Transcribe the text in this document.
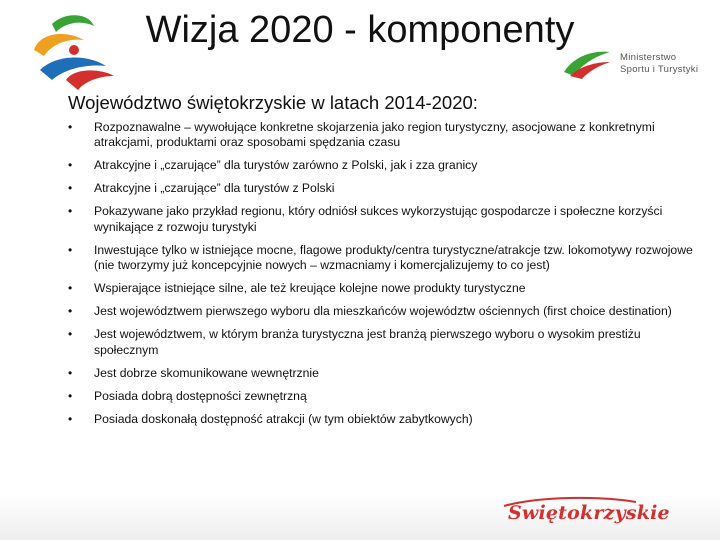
Wizja 2020 - komponenty
Ministerstwo
Sportu i Turystyki
Województwo świętokrzyskie w latach 2014-2020:
• Rozpoznawalne – wywołujące konkretne skojarzenia jako region turystyczny, asocjowane z konkretnymi atrakcjami, produktami oraz sposobami spędzania czasu
• Atrakcyjne i „czarujące” dla turystów zarówno z Polski, jak i zza granicy
• Atrakcyjne i „czarujące” dla turystów z Polski
• Pokazywane jako przykład regionu, który odniósł sukces wykorzystując gospodarcze i społeczne korzyści wynikające z rozwoju turystyki
• Inwestujące tylko w istniejące mocne, flagowe produkty/centra turystyczne/atrakcje tzw. lokomotywy rozwojowe (nie tworzymy już koncepcyjnie nowych – wzmacniamy i komercjalizujemy to co jest)
• Wspierające istniejące silne, ale też kreujące kolejne nowe produkty turystyczne
• Jest województwem pierwszego wyboru dla mieszkańców województw ościennych (first choice destination)
• Jest województwem, w którym branża turystyczna jest branżą pierwszego wyboru o wysokim prestiżu społecznym
• Jest dobrze skomunikowane wewnętrznie
• Posiada dobrą dostępności zewnętrzną
• Posiada doskonałą dostępność atrakcji (w tym obiektów zabytkowych)
Świętokrzyskie
